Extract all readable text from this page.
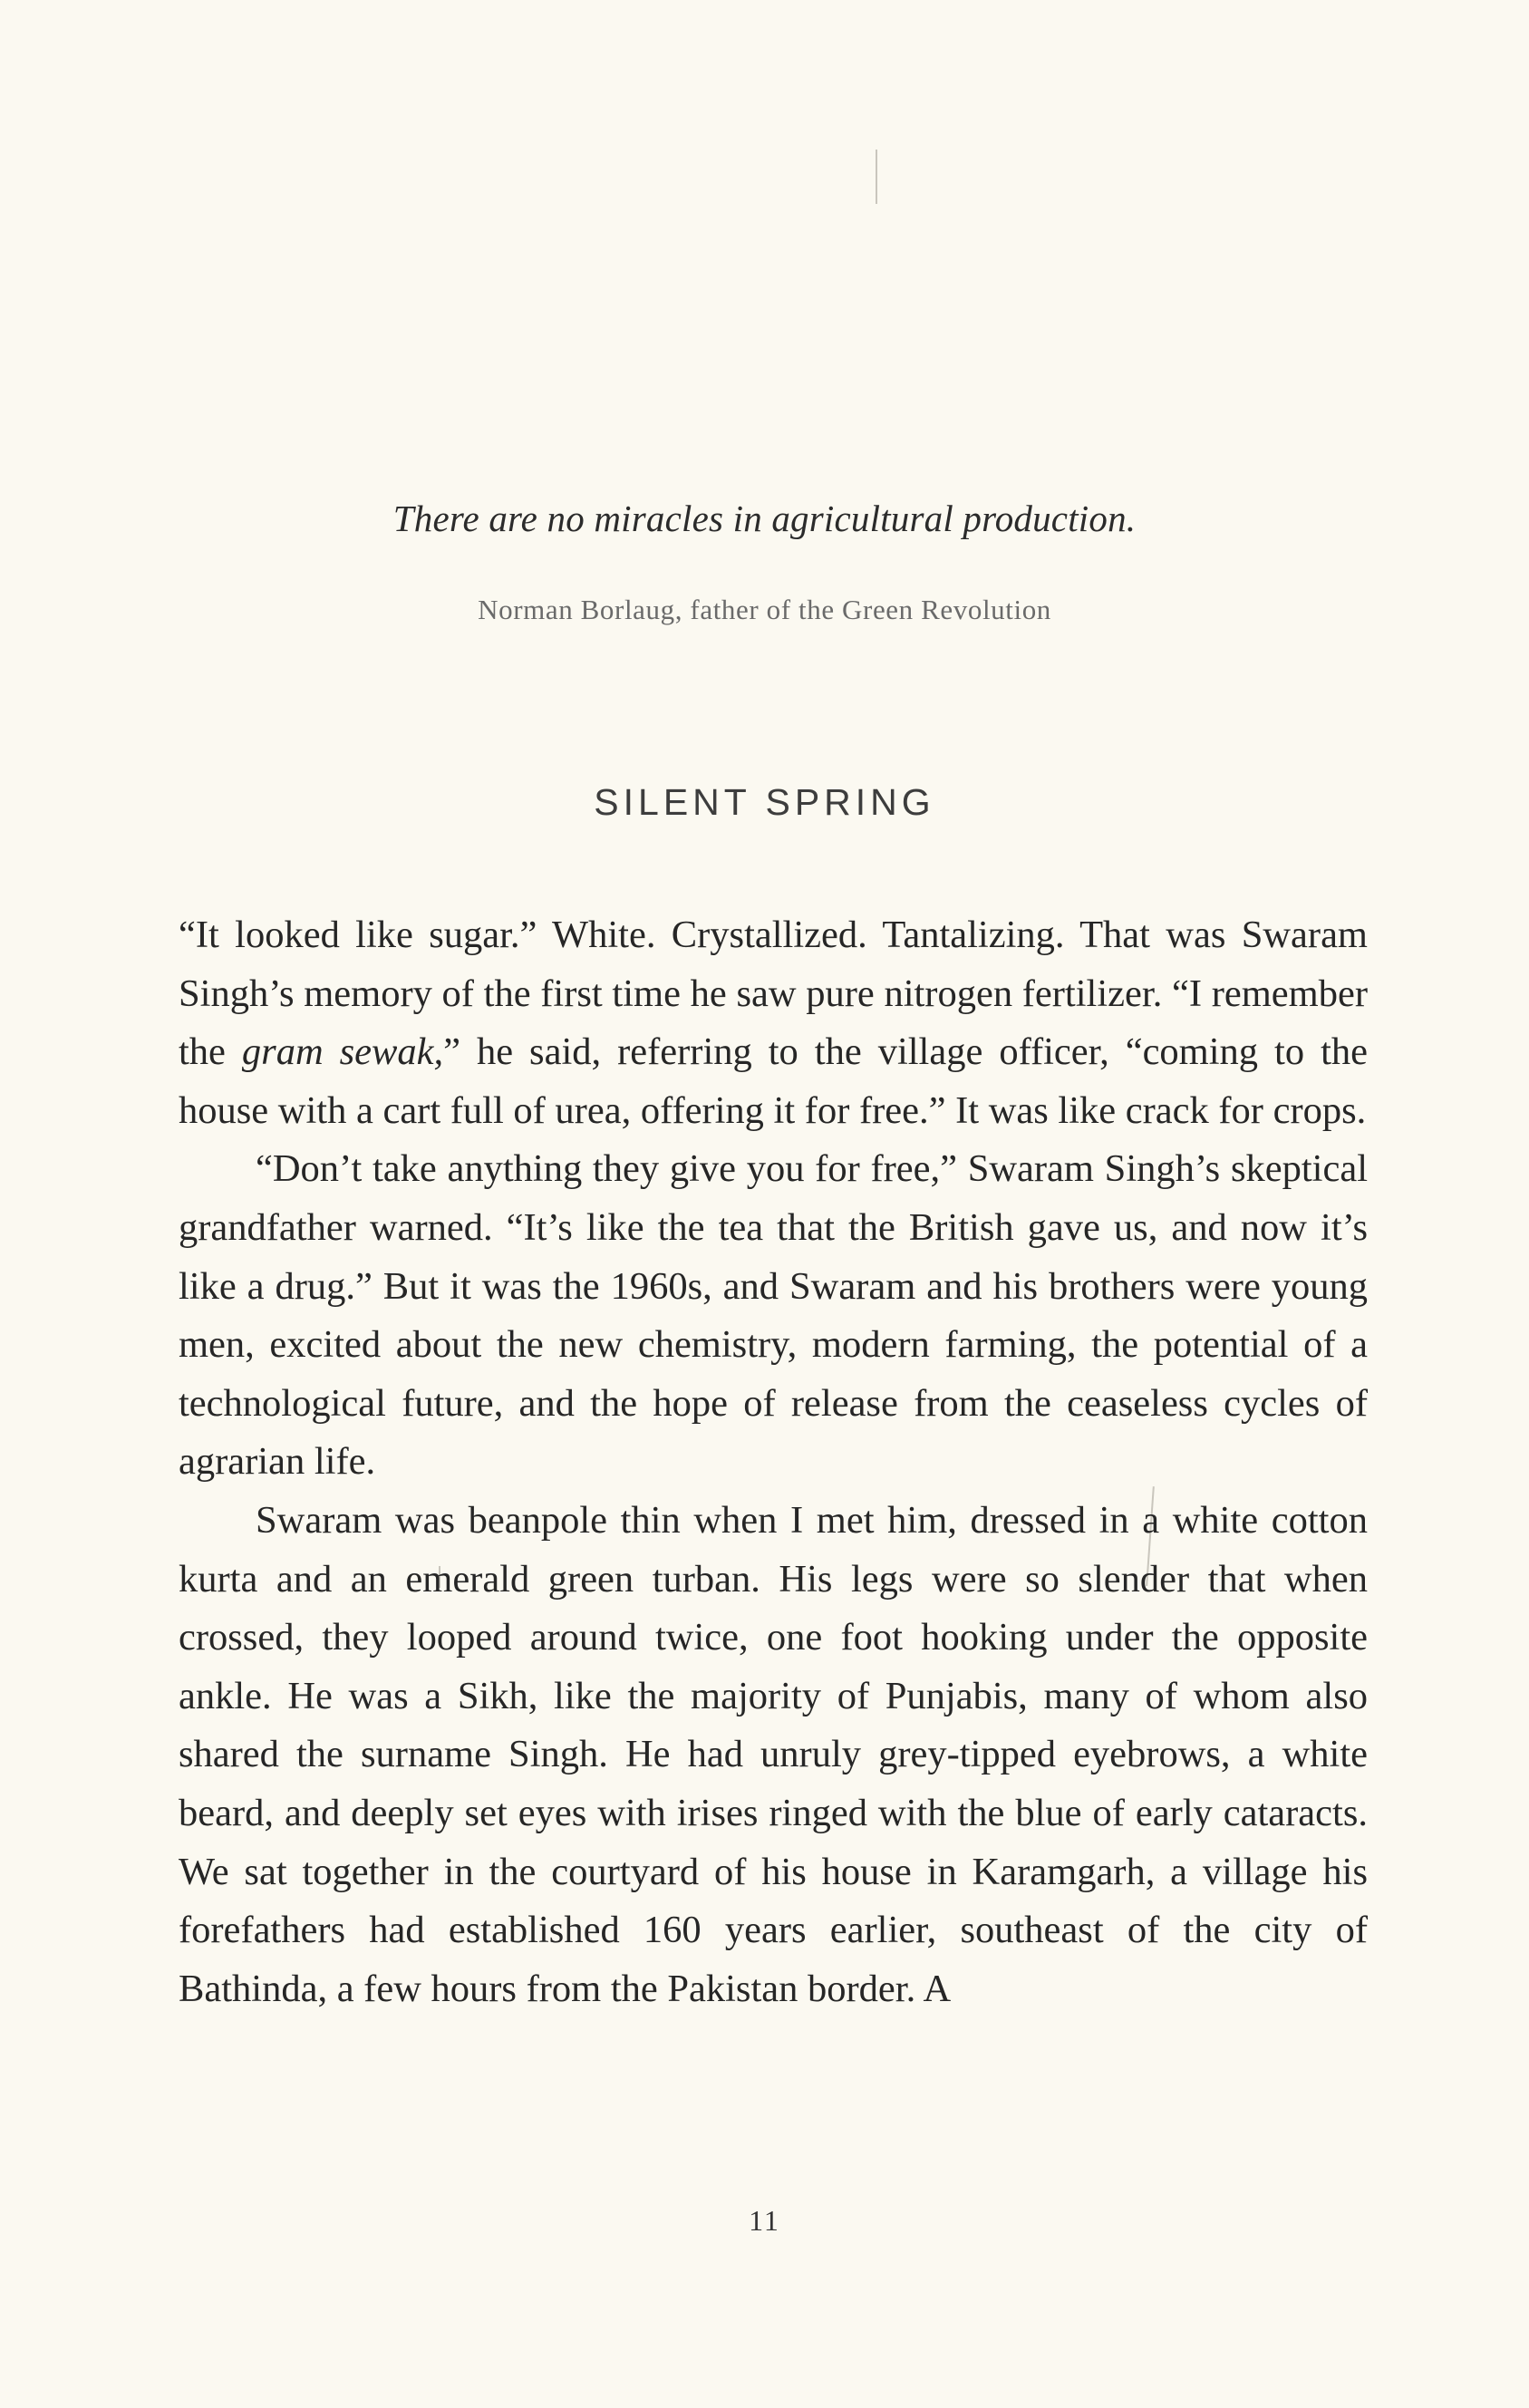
There are no miracles in agricultural production.
Norman Borlaug, father of the Green Revolution
SILENT SPRING

“It looked like sugar.” White. Crystallized. Tantalizing. That was Swaram Singh’s memory of the first time he saw pure nitrogen fertilizer. “I remember the gram sewak,” he said, referring to the village officer, “coming to the house with a cart full of urea, offering it for free.” It was like crack for crops.

“Don’t take anything they give you for free,” Swaram Singh’s skeptical grandfather warned. “It’s like the tea that the British gave us, and now it’s like a drug.” But it was the 1960s, and Swaram and his brothers were young men, excited about the new chemistry, modern farming, the potential of a technological future, and the hope of release from the ceaseless cycles of agrarian life.

Swaram was beanpole thin when I met him, dressed in a white cotton kurta and an emerald green turban. His legs were so slender that when crossed, they looped around twice, one foot hooking under the opposite ankle. He was a Sikh, like the majority of Punjabis, many of whom also shared the surname Singh. He had unruly grey-tipped eyebrows, a white beard, and deeply set eyes with irises ringed with the blue of early cataracts. We sat together in the courtyard of his house in Karamgarh, a village his forefathers had established 160 years earlier, southeast of the city of Bathinda, a few hours from the Pakistan border. A

11
